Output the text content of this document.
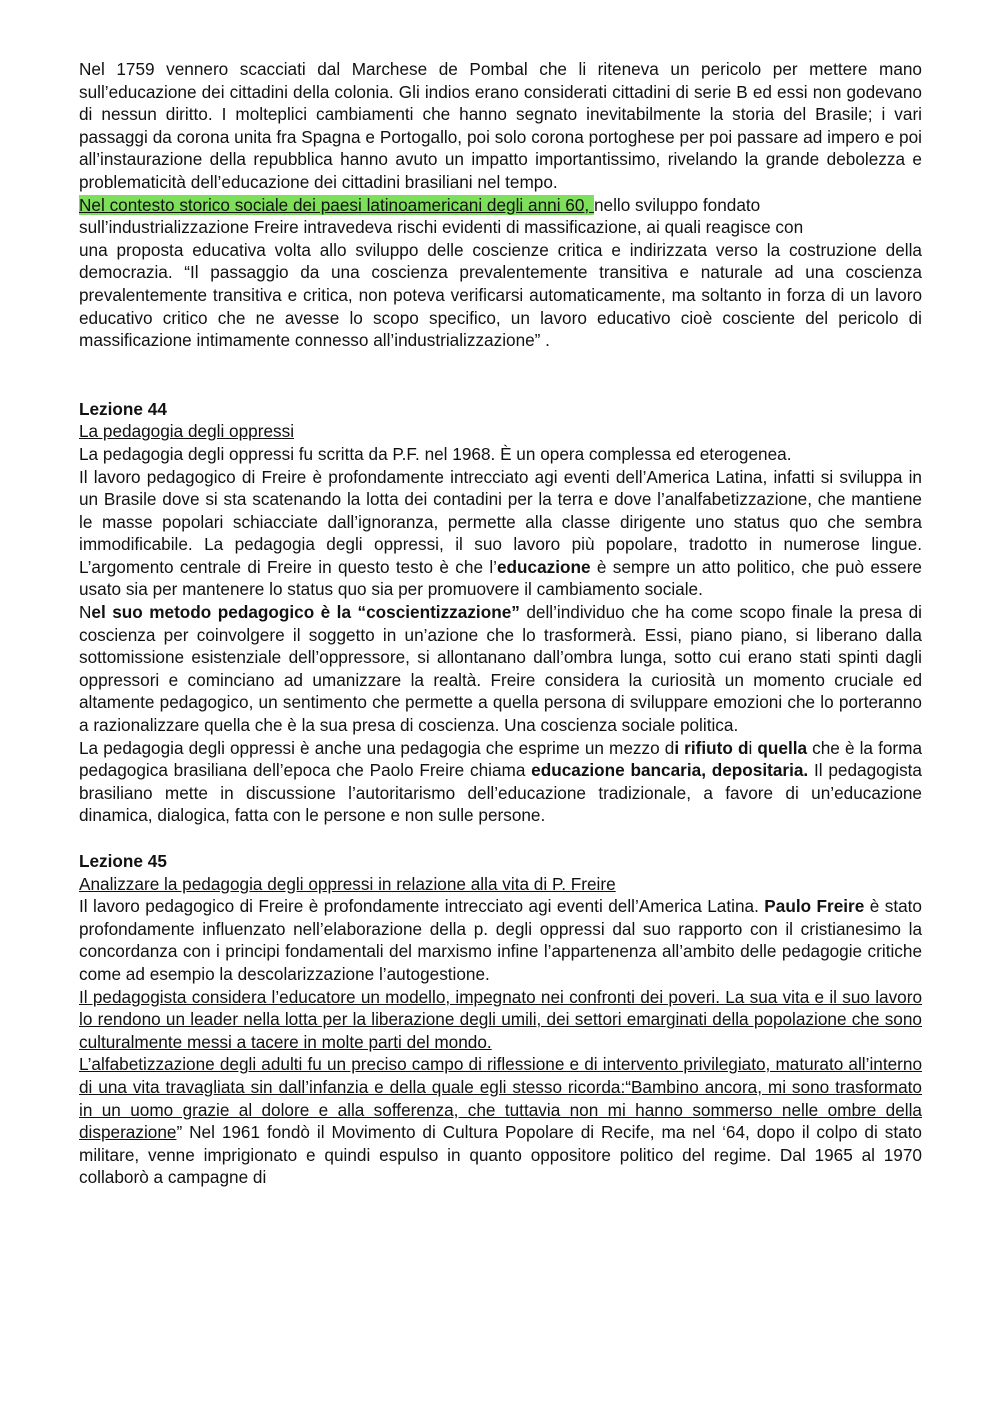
Nel 1759 vennero scacciati dal Marchese de Pombal che li riteneva un pericolo per mettere mano sull’educazione dei cittadini della colonia. Gli indios erano considerati cittadini di serie B ed essi non godevano di nessun diritto. I molteplici cambiamenti che hanno segnato inevitabilmente la storia del Brasile; i vari passaggi da corona unita fra Spagna e Portogallo, poi solo corona portoghese per poi passare ad impero e poi all’instaurazione della repubblica hanno avuto un impatto importantissimo, rivelando la grande debolezza e problematicità dell’educazione dei cittadini brasiliani nel tempo.

Nel contesto storico sociale dei paesi latinoamericani degli anni 60, nello sviluppo fondato sull’industrializzazione Freire intravedeva rischi evidenti di massificazione, ai quali reagisce con

una proposta educativa volta allo sviluppo delle coscienze critica e indirizzata verso la costruzione della democrazia. “Il passaggio da una coscienza prevalentemente transitiva e naturale ad una coscienza prevalentemente transitiva e critica, non poteva verificarsi automaticamente, ma soltanto in forza di un lavoro educativo critico che ne avesse lo scopo specifico, un lavoro educativo cioè cosciente del pericolo di massificazione intimamente connesso all’industrializzazione” .

Lezione 44

La pedagogia degli oppressi

La pedagogia degli oppressi fu scritta da P.F. nel 1968. È un opera complessa ed eterogenea.

Il lavoro pedagogico di Freire è profondamente intrecciato agi eventi dell’America Latina, infatti si sviluppa in un Brasile dove si sta scatenando la lotta dei contadini per la terra e dove l’analfabetizzazione, che mantiene le masse popolari schiacciate dall’ignoranza, permette alla classe dirigente uno status quo che sembra immodificabile. La pedagogia degli oppressi, il suo lavoro più popolare, tradotto in numerose lingue. L’argomento centrale di Freire in questo testo è che l’educazione è sempre un atto politico, che può essere usato sia per mantenere lo status quo sia per promuovere il cambiamento sociale.

Nel suo metodo pedagogico è la “coscientizzazione” dell’individuo che ha come scopo finale la presa di coscienza per coinvolgere il soggetto in un’azione che lo trasformerà. Essi, piano piano, si liberano dalla sottomissione esistenziale dell’oppressore, si allontanano dall’ombra lunga, sotto cui erano stati spinti dagli oppressori e cominciano ad umanizzare la realtà. Freire considera la curiosità un momento cruciale ed altamente pedagogico, un sentimento che permette a quella persona di sviluppare emozioni che lo porteranno a razionalizzare quella che è la sua presa di coscienza. Una coscienza sociale politica.

La pedagogia degli oppressi è anche una pedagogia che esprime un mezzo di rifiuto di quella che è la forma pedagogica brasiliana dell’epoca che Paolo Freire chiama educazione bancaria, depositaria. Il pedagogista brasiliano mette in discussione l’autoritarismo dell’educazione tradizionale, a favore di un’educazione dinamica, dialogica, fatta con le persone e non sulle persone.

Lezione 45

Analizzare la pedagogia degli oppressi in relazione alla vita di P. Freire

Il lavoro pedagogico di Freire è profondamente intrecciato agi eventi dell’America Latina. Paulo Freire è stato profondamente influenzato nell’elaborazione della p. degli oppressi dal suo rapporto con il cristianesimo la concordanza con i principi fondamentali del marxismo infine l’appartenenza all’ambito delle pedagogie critiche come ad esempio la descolarizzazione l’autogestione.

Il pedagogista considera l’educatore un modello, impegnato nei confronti dei poveri. La sua vita e il suo lavoro lo rendono un leader nella lotta per la liberazione degli umili, dei settori emarginati della popolazione che sono culturalmente messi a tacere in molte parti del mondo.

L’alfabetizzazione degli adulti fu un preciso campo di riflessione e di intervento privilegiato, maturato all’interno di una vita travagliata sin dall’infanzia e della quale egli stesso ricorda:“Bambino ancora, mi sono trasformato in un uomo grazie al dolore e alla sofferenza, che tuttavia non mi hanno sommerso nelle ombre della disperazione” Nel 1961 fondò il Movimento di Cultura Popolare di Recife, ma nel ‘64, dopo il colpo di stato militare, venne imprigionato e quindi espulso in quanto oppositore politico del regime. Dal 1965 al 1970 collaborò a campagne di
